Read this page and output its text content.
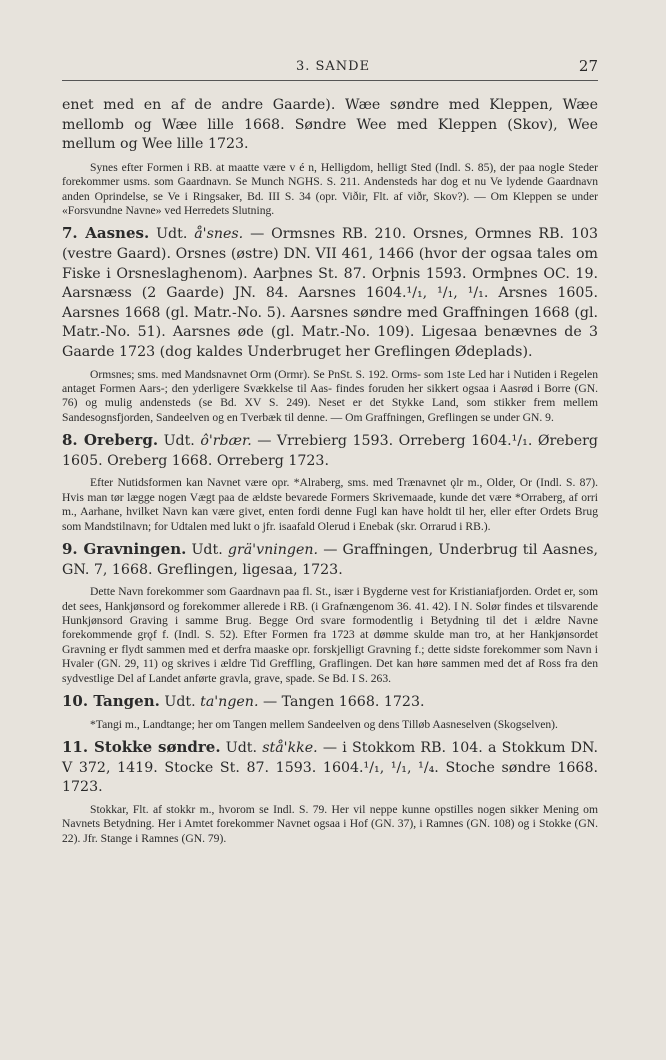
3. SANDE	27

enet med en af de andre Gaarde). Wæe søndre med Kleppen, Wæe mellomb og Wæe lille 1668. Søndre Wee med Kleppen (Skov), Wee mellum og Wee lille 1723.

Synes efter Formen i RB. at maatte være v é n, Helligdom, helligt Sted (Indl. S. 85), der paa nogle Steder forekommer usms. som Gaardnavn. Se Munch NGHS. S. 211. Andensteds har dog et nu Ve lydende Gaardnavn anden Oprindelse, se Ve i Ringsaker, Bd. III S. 34 (opr. Viðir, Flt. af viðr, Skov?). — Om Kleppen se under «Forsvundne Navne» ved Herredets Slutning.

7. Aasnes. Udt. å'snes. — Ormsnes RB. 210. Orsnes, Ormnes RB. 103 (vestre Gaard). Orsnes (østre) DN. VII 461, 1466 (hvor der ogsaa tales om Fiske i Orsneslaghenom). Aarþnes St. 87. Orþnis 1593. Ormþnes OC. 19. Aarsnæss (2 Gaarde) JN. 84. Aarsnes 1604.¹/₁, ¹/₁, ¹/₁. Arsnes 1605. Aarsnes 1668 (gl. Matr.-No. 5). Aarsnes søndre med Graffningen 1668 (gl. Matr.-No. 51). Aarsnes øde (gl. Matr.-No. 109). Ligesaa benævnes de 3 Gaarde 1723 (dog kaldes Underbruget her Greflingen Ødeplads).

Ormsnes; sms. med Mandsnavnet Orm (Ormr). Se PnSt. S. 192. Orms- som 1ste Led har i Nutiden i Regelen antaget Formen Aars-; den yderligere Svækkelse til Aas- findes foruden her sikkert ogsaa i Aasrød i Borre (GN. 76) og mulig andensteds (se Bd. XV S. 249). Neset er det Stykke Land, som stikker frem mellem Sandesognsfjorden, Sandeelven og en Tverbæk til denne. — Om Graffningen, Greflingen se under GN. 9.

8. Oreberg. Udt. ô'rbær. — Vrrebierg 1593. Orreberg 1604.¹/₁. Øreberg 1605. Oreberg 1668. Orreberg 1723.

Efter Nutidsformen kan Navnet være opr. *Alraberg, sms. med Trænavnet ǫlr m., Older, Or (Indl. S. 87). Hvis man tør lægge nogen Vægt paa de ældste bevarede Formers Skrivemaade, kunde det være *Orraberg, af orri m., Aarhane, hvilket Navn kan være givet, enten fordi denne Fugl kan have holdt til her, eller efter Ordets Brug som Mandstilnavn; for Udtalen med lukt o jfr. isaafald Olerud i Enebak (skr. Orrarud i RB.).

9. Gravningen. Udt. grä'vningen. — Graffningen, Underbrug til Aasnes, GN. 7, 1668. Greflingen, ligesaa, 1723.

Dette Navn forekommer som Gaardnavn paa fl. St., især i Bygderne vest for Kristianiafjorden. Ordet er, som det sees, Hankjønsord og forekommer allerede i RB. (i Grafnængenom 36. 41. 42). I N. Solør findes et tilsvarende Hunkjønsord Graving i samme Brug. Begge Ord svare formodentlig i Betydning til det i ældre Navne forekommende grǫf f. (Indl. S. 52). Efter Formen fra 1723 at dømme skulde man tro, at her Hankjønsordet Gravning er flydt sammen med et derfra maaske opr. forskjelligt Gravning f.; dette sidste forekommer som Navn i Hvaler (GN. 29, 11) og skrives i ældre Tid Greffling, Graflingen. Det kan høre sammen med det af Ross fra den sydvestlige Del af Landet anførte gravla, grave, spade. Se Bd. I S. 263.

10. Tangen. Udt. ta'ngen. — Tangen 1668. 1723.

*Tangi m., Landtange; her om Tangen mellem Sandeelven og dens Tilløb Aasneselven (Skogselven).

11. Stokke søndre. Udt. stå'kke. — i Stokkom RB. 104. a Stokkum DN. V 372, 1419. Stocke St. 87. 1593. 1604.¹/₁, ¹/₁, ¹/₄. Stoche søndre 1668. 1723.

Stokkar, Flt. af stokkr m., hvorom se Indl. S. 79. Her vil neppe kunne opstilles nogen sikker Mening om Navnets Betydning. Her i Amtet forekommer Navnet ogsaa i Hof (GN. 37), i Ramnes (GN. 108) og i Stokke (GN. 22). Jfr. Stange i Ramnes (GN. 79).
